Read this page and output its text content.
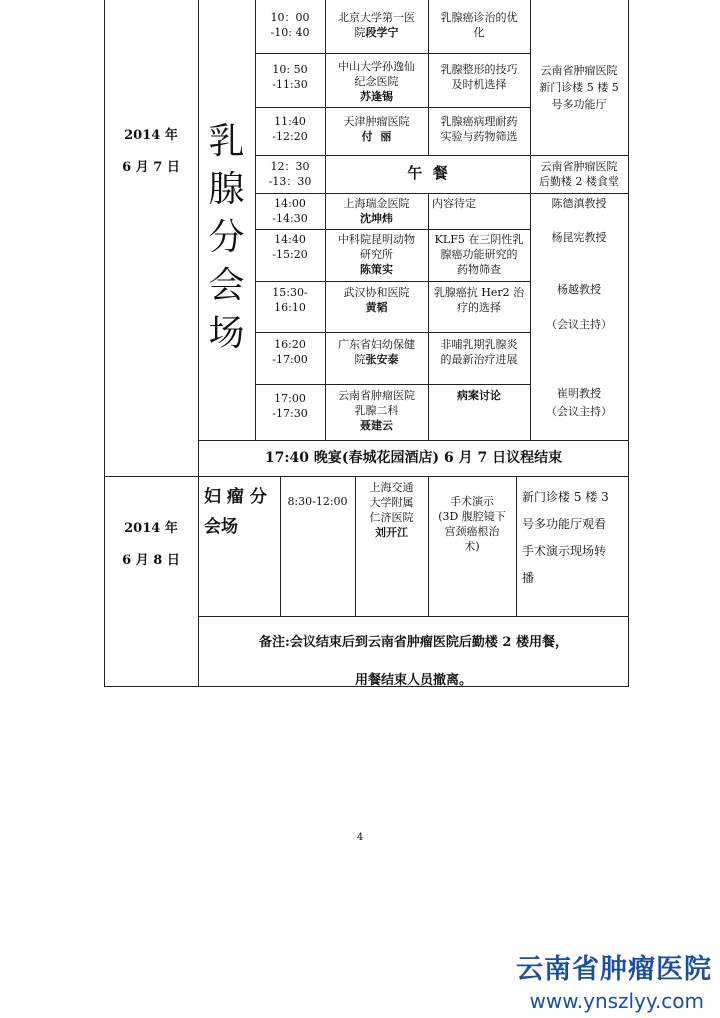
2014 年
6 月 7 日
乳
腺
分
会
场
10：00
-10: 40
北京大学第一医
院段学宁
乳腺癌诊治的优
化
10: 50
-11:30
中山大学孙逸仙
纪念医院
苏逢锡
乳腺整形的技巧
及时机选择
11:40
-12:20
天津肿瘤医院
付  丽
乳腺癌病理耐药
实验与药物筛选
云南省肿瘤医院
新门诊楼 5 楼 5
号多功能厅
12：30
-13：30	午  餐	云南省肿瘤医院
后勤楼 2 楼食堂
14:00
-14:30
上海瑞金医院
沈坤炜
内容待定
14:40
-15:20
中科院昆明动物
研究所
陈策实
KLF5 在三阴性乳
腺癌功能研究的
药物筛查
15:30-
16:10
武汉协和医院
黄韬
乳腺癌抗 Her2 治
疗的选择
16:20
-17:00
广东省妇幼保健
院张安泰
非哺乳期乳腺炎
的最新治疗进展
17:00
-17:30
云南省肿瘤医院
乳腺二科
聂建云
病案讨论
陈德滇教授
杨昆宪教授
杨越教授
（会议主持）
崔明教授
（会议主持）
17:40 晚宴(春城花园酒店) 6 月 7 日议程结束
2014 年
6 月 8 日
妇 瘤 分
会场
8:30-12:00
上海交通
大学附属
仁济医院
刘开江
手术演示
(3D 腹腔镜下
宫颈癌根治
术)
新门诊楼 5 楼 3
号多功能厅观看
手术演示现场转
播
备注:会议结束后到云南省肿瘤医院后勤楼 2 楼用餐，
用餐结束人员撤离。
4
云南省肿瘤医院
www.ynszlyy.com
